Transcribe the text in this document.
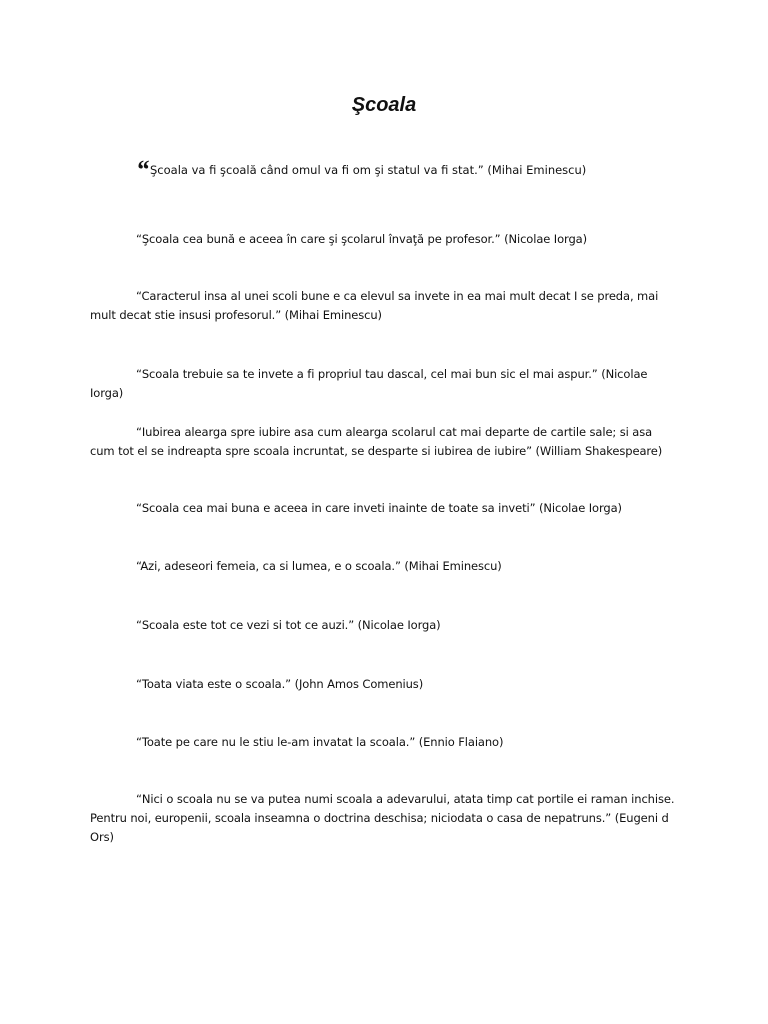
Şcoala

“Şcoala va fi şcoală când omul va fi om şi statul va fi stat.” (Mihai Eminescu)

“Şcoala cea bună e aceea în care şi şcolarul învaţă pe profesor.” (Nicolae Iorga)

“Caracterul insa al unei scoli bune e ca elevul sa invete in ea mai mult decat I se preda, mai mult decat stie insusi profesorul.” (Mihai Eminescu)

“Scoala trebuie sa te invete a fi propriul tau dascal, cel mai bun sic el mai aspur.” (Nicolae Iorga)

“Iubirea alearga spre iubire asa cum alearga scolarul cat mai departe de cartile sale; si asa cum tot el se indreapta spre scoala incruntat, se desparte si iubirea de iubire” (William Shakespeare)

“Scoala cea mai buna e aceea in care inveti inainte de toate sa inveti” (Nicolae Iorga)

“Azi, adeseori femeia, ca si lumea, e o scoala.” (Mihai Eminescu)

“Scoala este tot ce vezi si tot ce auzi.” (Nicolae Iorga)

“Toata viata este o scoala.” (John Amos Comenius)

“Toate pe care nu le stiu le-am invatat la scoala.” (Ennio Flaiano)

“Nici o scoala nu se va putea numi scoala a adevarului, atata timp cat portile ei raman inchise. Pentru noi, europenii, scoala inseamna o doctrina deschisa; niciodata o casa de nepatruns.” (Eugeni d Ors)
